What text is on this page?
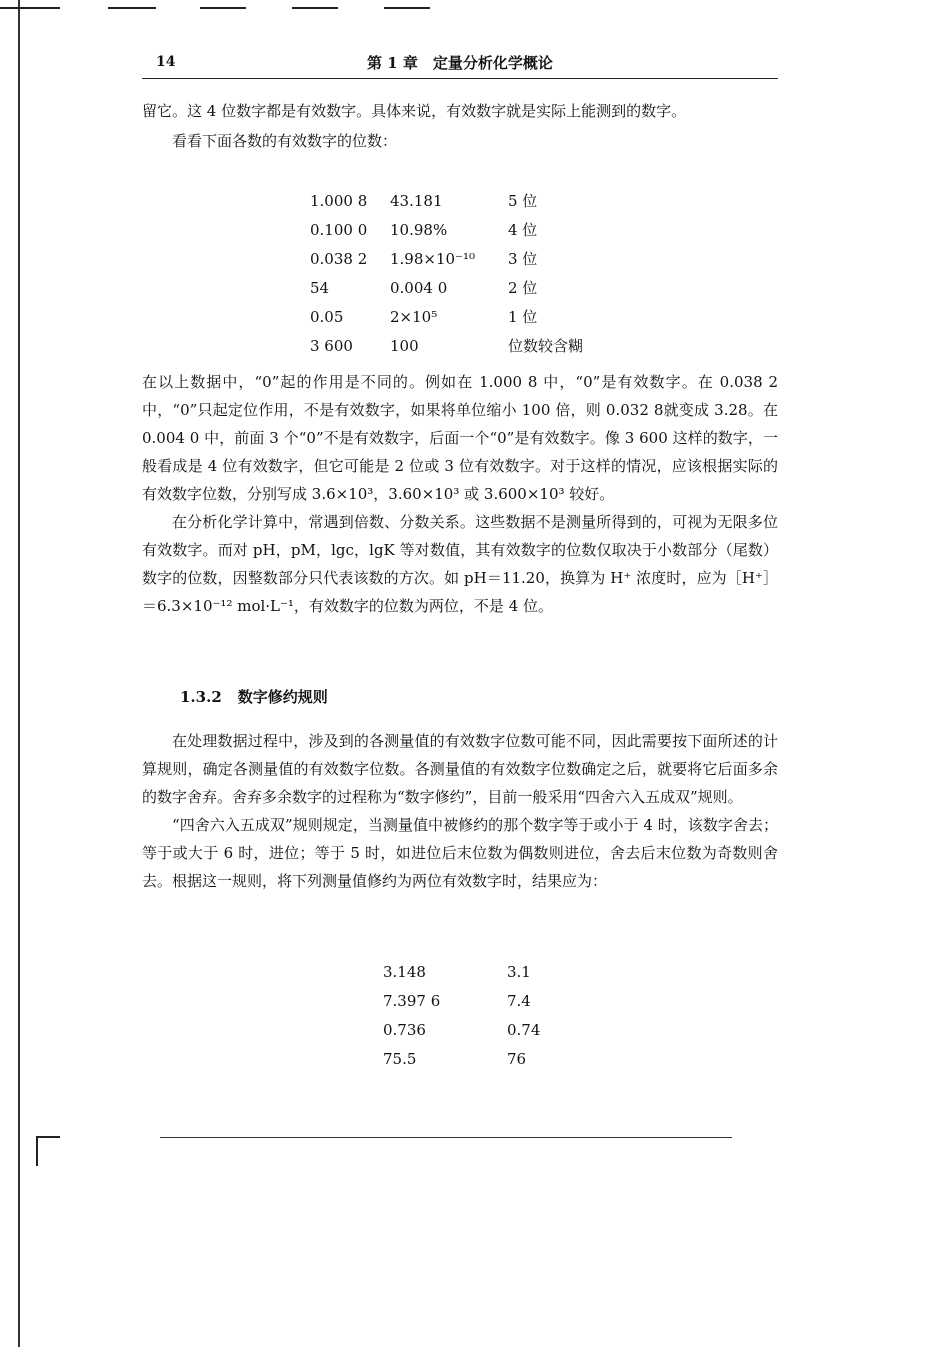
14	第 1 章　定量分析化学概论

留它。这 4 位数字都是有效数字。具体来说，有效数字就是实际上能测到的数字。

看看下面各数的有效数字的位数：

1.000 8	43.181	5 位
0.100 0	10.98%	4 位
0.038 2	1.98×10⁻¹⁰	3 位
54	0.004 0	2 位
0.05	2×10⁵	1 位
3 600	100	位数较含糊

在以上数据中，“0”起的作用是不同的。例如在 1.000 8 中，“0”是有效数字。在 0.038 2 中，“0”只起定位作用，不是有效数字，如果将单位缩小 100 倍，则 0.032 8就变成 3.28。在 0.004 0 中，前面 3 个“0”不是有效数字，后面一个“0”是有效数字。像 3 600 这样的数字，一般看成是 4 位有效数字，但它可能是 2 位或 3 位有效数字。对于这样的情况，应该根据实际的有效数字位数，分别写成 3.6×10³，3.60×10³ 或 3.600×10³ 较好。

在分析化学计算中，常遇到倍数、分数关系。这些数据不是测量所得到的，可视为无限多位有效数字。而对 pH，pM，lgc，lgK 等对数值，其有效数字的位数仅取决于小数部分（尾数）数字的位数，因整数部分只代表该数的方次。如 pH＝11.20，换算为 H⁺ 浓度时，应为［H⁺］＝6.3×10⁻¹² mol·L⁻¹，有效数字的位数为两位，不是 4 位。

1.3.2 数字修约规则

在处理数据过程中，涉及到的各测量值的有效数字位数可能不同，因此需要按下面所述的计算规则，确定各测量值的有效数字位数。各测量值的有效数字位数确定之后，就要将它后面多余的数字舍弃。舍弃多余数字的过程称为“数字修约”，目前一般采用“四舍六入五成双”规则。

“四舍六入五成双”规则规定，当测量值中被修约的那个数字等于或小于 4 时，该数字舍去；等于或大于 6 时，进位；等于 5 时，如进位后末位数为偶数则进位，舍去后末位数为奇数则舍去。根据这一规则，将下列测量值修约为两位有效数字时，结果应为：

3.148	3.1
7.397 6	7.4
0.736	0.74
75.5	76
